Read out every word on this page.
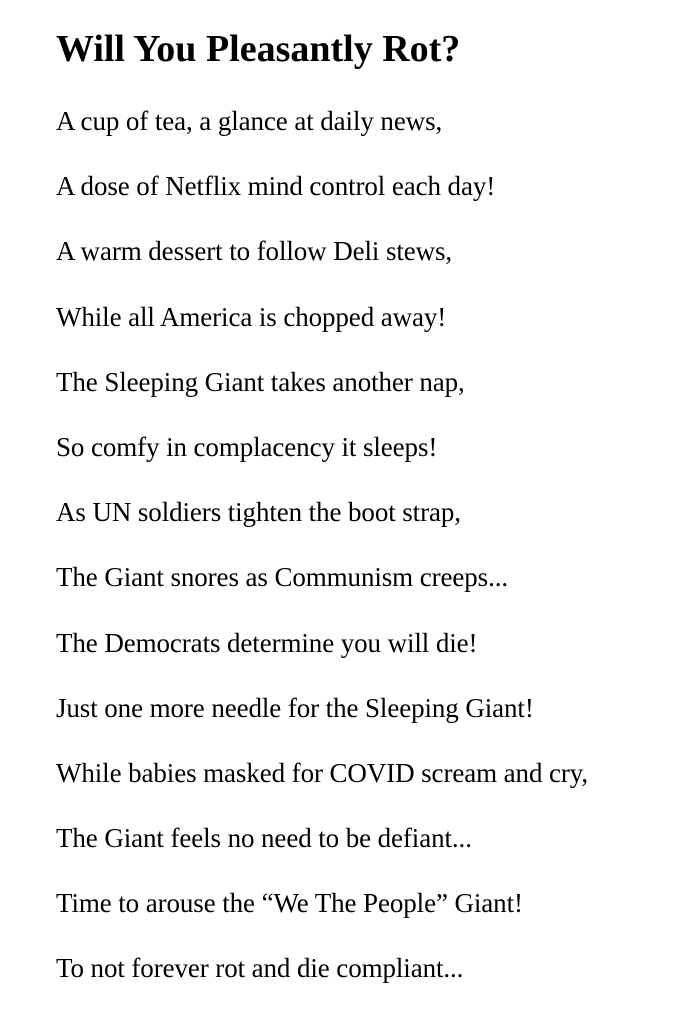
Will You Pleasantly Rot?

A cup of tea, a glance at daily news,

A dose of Netflix mind control each day!

A warm dessert to follow Deli stews,

While all America is chopped away!

The Sleeping Giant takes another nap,

So comfy in complacency it sleeps!

As UN soldiers tighten the boot strap,

The Giant snores as Communism creeps...

The Democrats determine you will die!

Just one more needle for the Sleeping Giant!

While babies masked for COVID scream and cry,

The Giant feels no need to be defiant...

Time to arouse the “We The People” Giant!

To not forever rot and die compliant...
